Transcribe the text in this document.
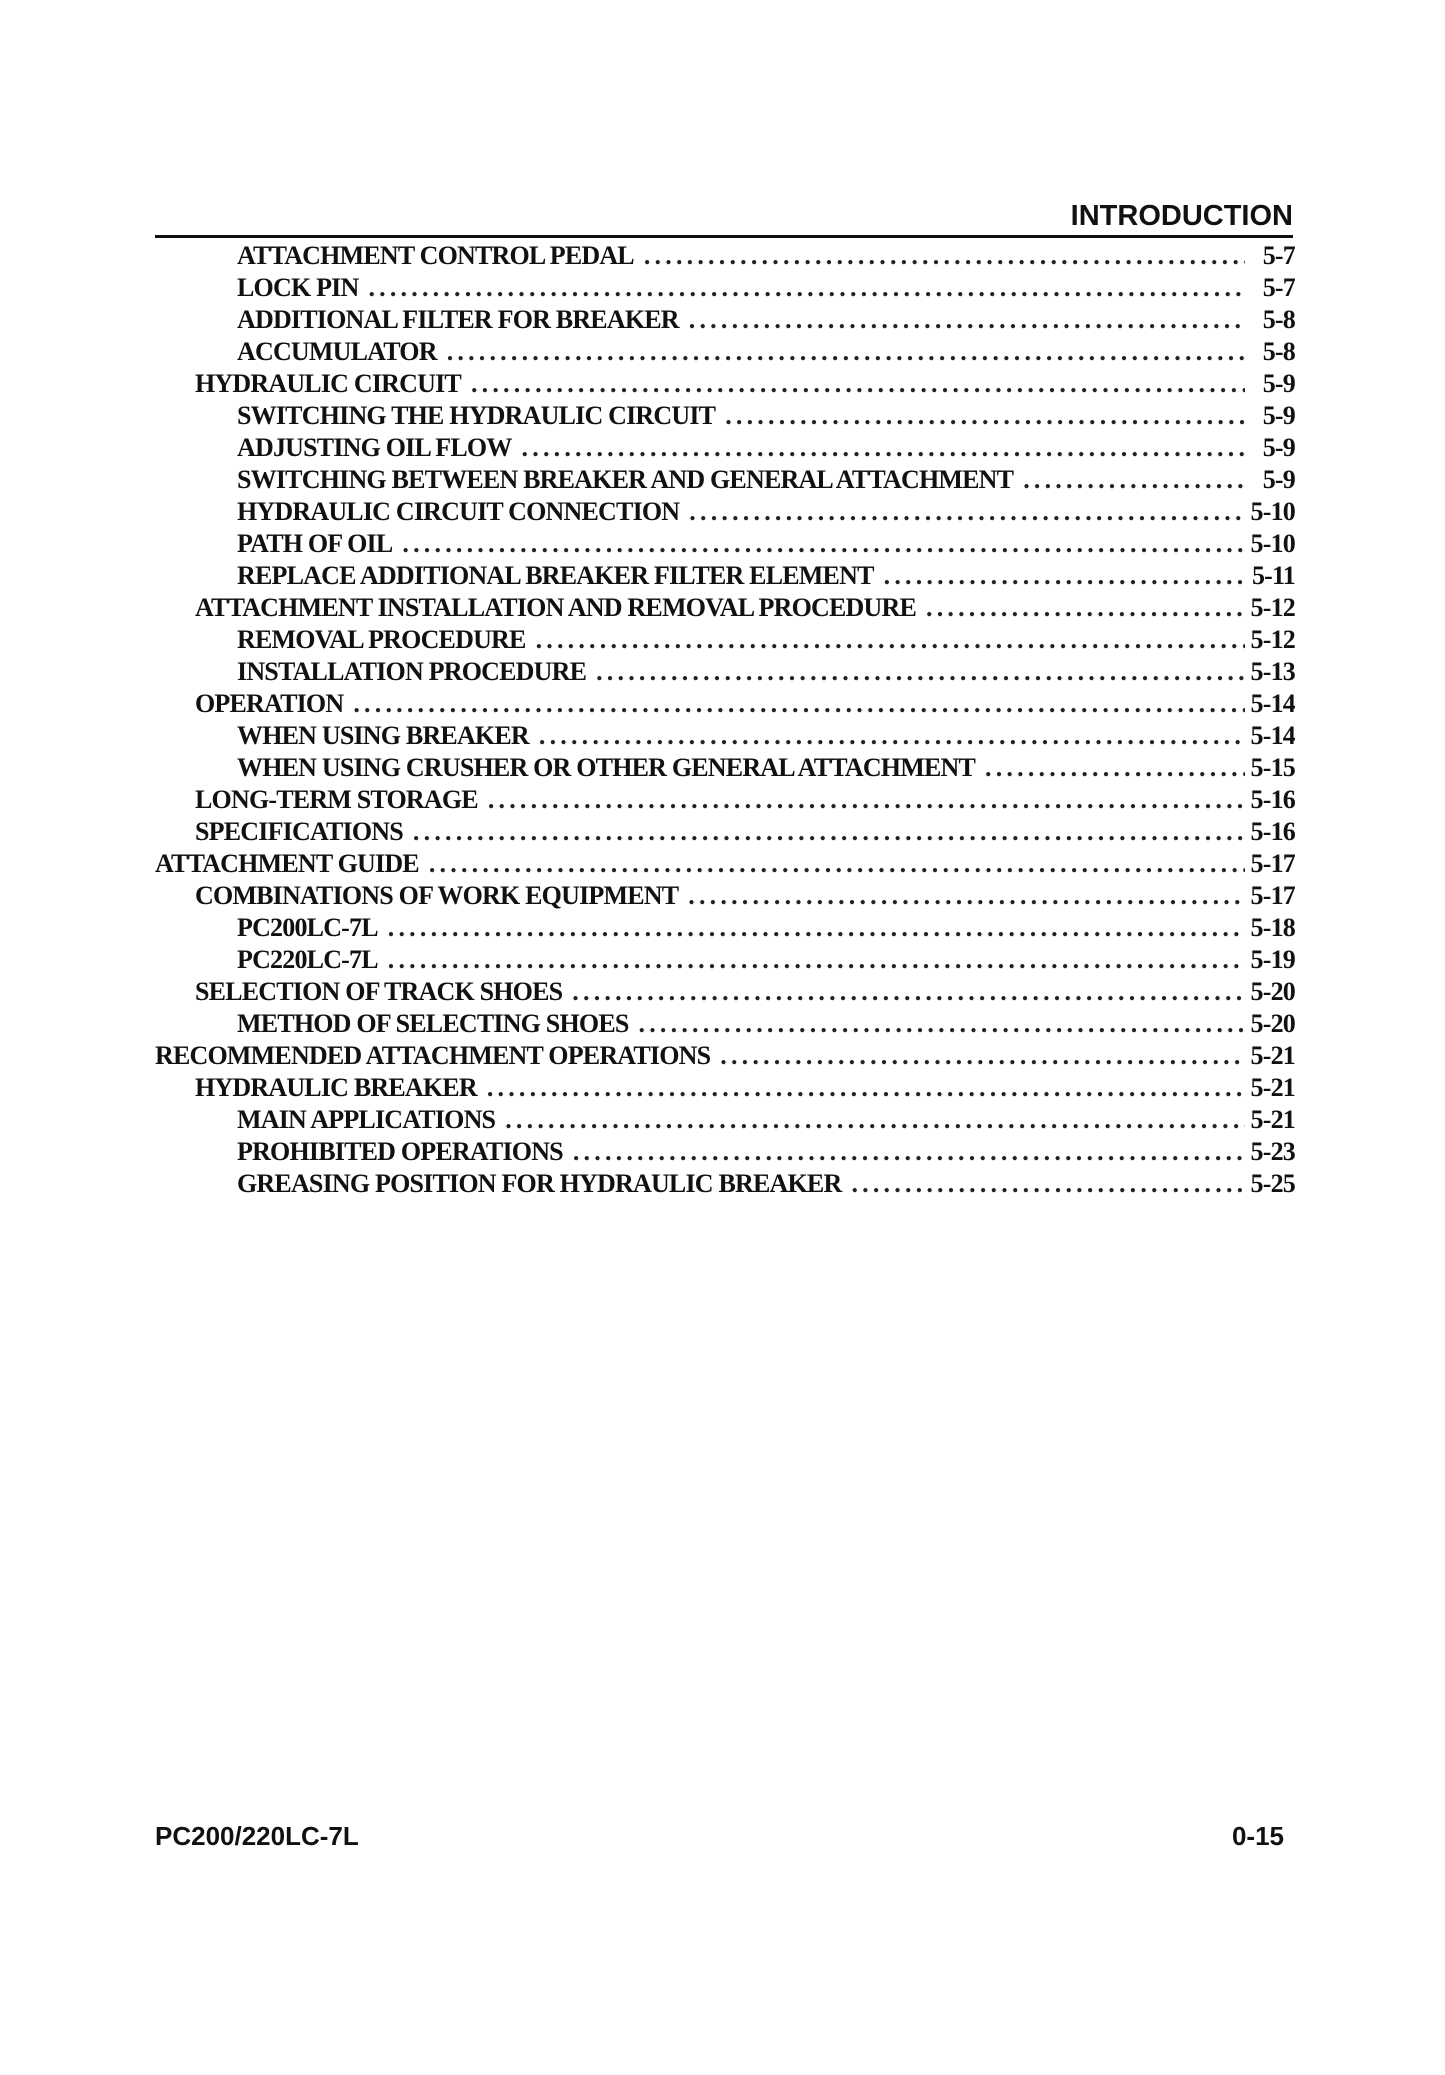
INTRODUCTION
ATTACHMENT CONTROL PEDAL .....	5-7
LOCK PIN .....	5-7
ADDITIONAL FILTER FOR BREAKER .....	5-8
ACCUMULATOR .....	5-8
HYDRAULIC CIRCUIT .....	5-9
SWITCHING THE HYDRAULIC CIRCUIT .....	5-9
ADJUSTING OIL FLOW .....	5-9
SWITCHING BETWEEN BREAKER AND GENERAL ATTACHMENT .....	5-9
HYDRAULIC CIRCUIT CONNECTION .....	5-10
PATH OF OIL .....	5-10
REPLACE ADDITIONAL BREAKER FILTER ELEMENT .....	5-11
ATTACHMENT INSTALLATION AND REMOVAL PROCEDURE .....	5-12
REMOVAL PROCEDURE .....	5-12
INSTALLATION PROCEDURE .....	5-13
OPERATION .....	5-14
WHEN USING BREAKER .....	5-14
WHEN USING CRUSHER OR OTHER GENERAL ATTACHMENT .....	5-15
LONG-TERM STORAGE .....	5-16
SPECIFICATIONS .....	5-16
ATTACHMENT GUIDE .....	5-17
COMBINATIONS OF WORK EQUIPMENT .....	5-17
PC200LC-7L .....	5-18
PC220LC-7L .....	5-19
SELECTION OF TRACK SHOES .....	5-20
METHOD OF SELECTING SHOES .....	5-20
RECOMMENDED ATTACHMENT OPERATIONS .....	5-21
HYDRAULIC BREAKER .....	5-21
MAIN APPLICATIONS .....	5-21
PROHIBITED OPERATIONS .....	5-23
GREASING POSITION FOR HYDRAULIC BREAKER .....	5-25

PC200/220LC-7L	0-15
